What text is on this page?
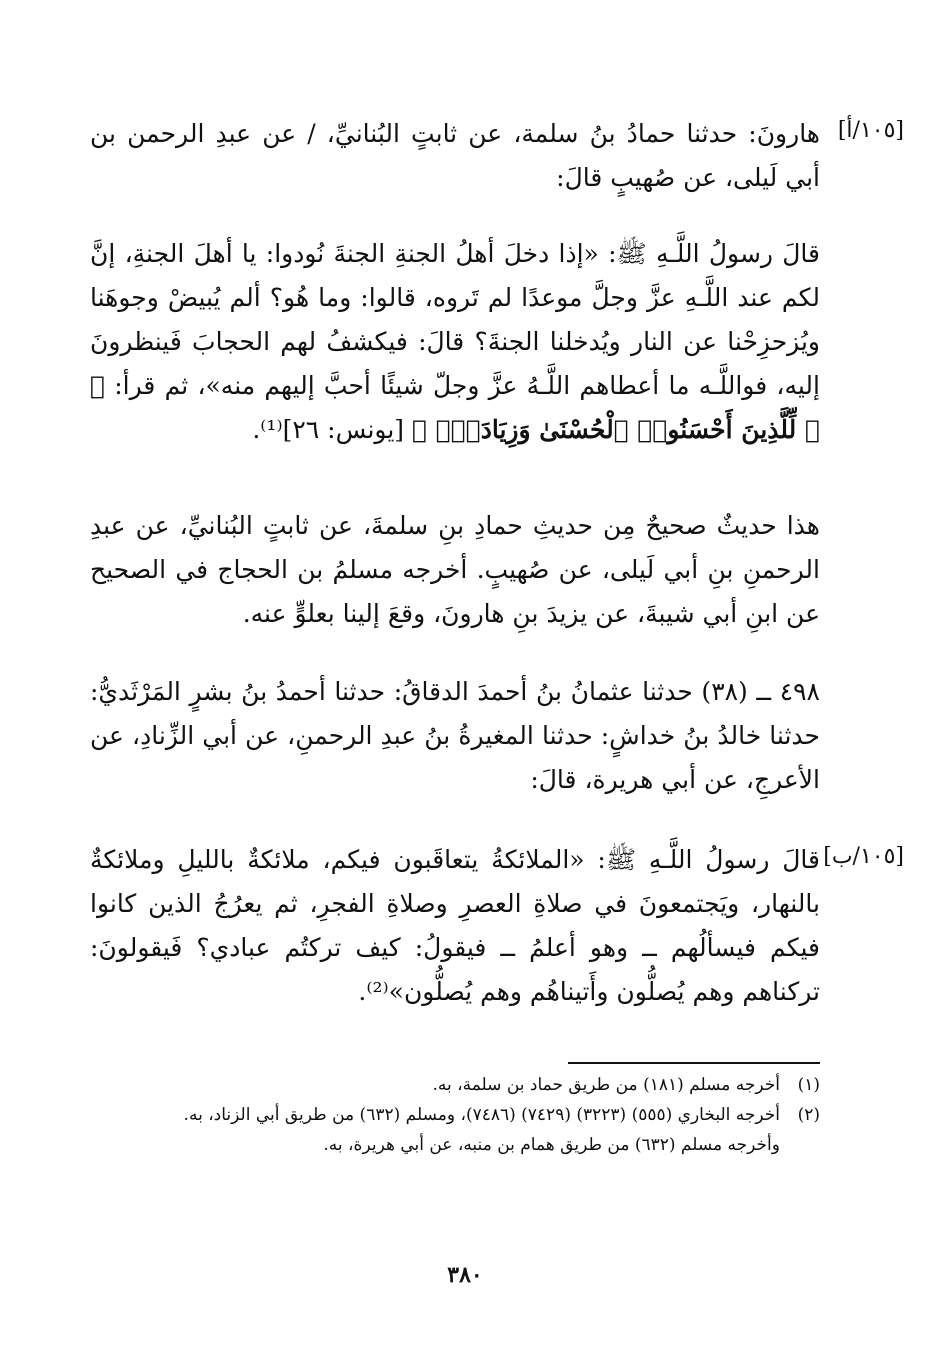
[١٠٥/أ]
[١٠٥/ب]

هارونَ: حدثنا حمادُ بنُ سلمة، عن ثابتٍ البُنانيِّ، / عن عبدِ الرحمن بن أبي لَيلى، عن صُهيبٍ قالَ:

قالَ رسولُ اللَّـهِ ﷺ: «إذا دخلَ أهلُ الجنةِ الجنةَ نُودوا: يا أهلَ الجنةِ، إنَّ لكم عند اللَّـهِ عزَّ وجلَّ موعدًا لم تَروه، قالوا: وما هُو؟ ألم يُبيضْ وجوهَنا ويُزحزِحْنا عن النار ويُدخلنا الجنةَ؟ قالَ: فيكشفُ لهم الحجابَ فَينظرونَ إليه، فواللَّـه ما أعطاهم اللَّـهُ عزَّ وجلّ شيئًا أحبَّ إليهم منه»، ثم قرأ: ﴿ ۞ لِّلَّذِينَ أَحْسَنُوا۟ ٱلْحُسْنَىٰ وَزِيَادَةٌۖ ﴾ [يونس: ٢٦]⁽¹⁾.

هذا حديثٌ صحيحٌ مِن حديثِ حمادِ بنِ سلمةَ، عن ثابتٍ البُنانيِّ، عن عبدِ الرحمنِ بنِ أبي لَيلى، عن صُهيبٍ. أخرجه مسلمُ بن الحجاج في الصحيح عن ابنِ أبي شيبةَ، عن يزيدَ بنِ هارونَ، وقعَ إلينا بعلوٍّ عنه.

٤٩٨ ــ (٣٨) حدثنا عثمانُ بنُ أحمدَ الدقاقُ: حدثنا أحمدُ بنُ بشرٍ المَرْثَديُّ: حدثنا خالدُ بنُ خداشٍ: حدثنا المغيرةُ بنُ عبدِ الرحمنِ، عن أبي الزِّنادِ، عن الأعرجِ، عن أبي هريرة، قالَ:

قالَ رسولُ اللَّـهِ ﷺ: «الملائكةُ يتعاقَبون فيكم، ملائكةٌ بالليلِ وملائكةٌ بالنهار، ويَجتمعونَ في صلاةِ العصرِ وصلاةِ الفجرِ، ثم يعرُجُ الذين كانوا فيكم فيسألُهم ــ وهو أعلمُ ــ فيقولُ: كيف تركتُم عبادي؟ فَيقولونَ: تركناهم وهم يُصلُّون وأَتيناهُم وهم يُصلُّون»⁽²⁾.

(١)
أخرجه مسلم (١٨١) من طريق حماد بن سلمة، به.
(٢)
أخرجه البخاري (٥٥٥) (٣٢٢٣) (٧٤٢٩) (٧٤٨٦)، ومسلم (٦٣٢) من طريق أبي الزناد، به.

وأخرجه مسلم (٦٣٢) من طريق همام بن منبه، عن أبي هريرة، به.

٣٨٠
